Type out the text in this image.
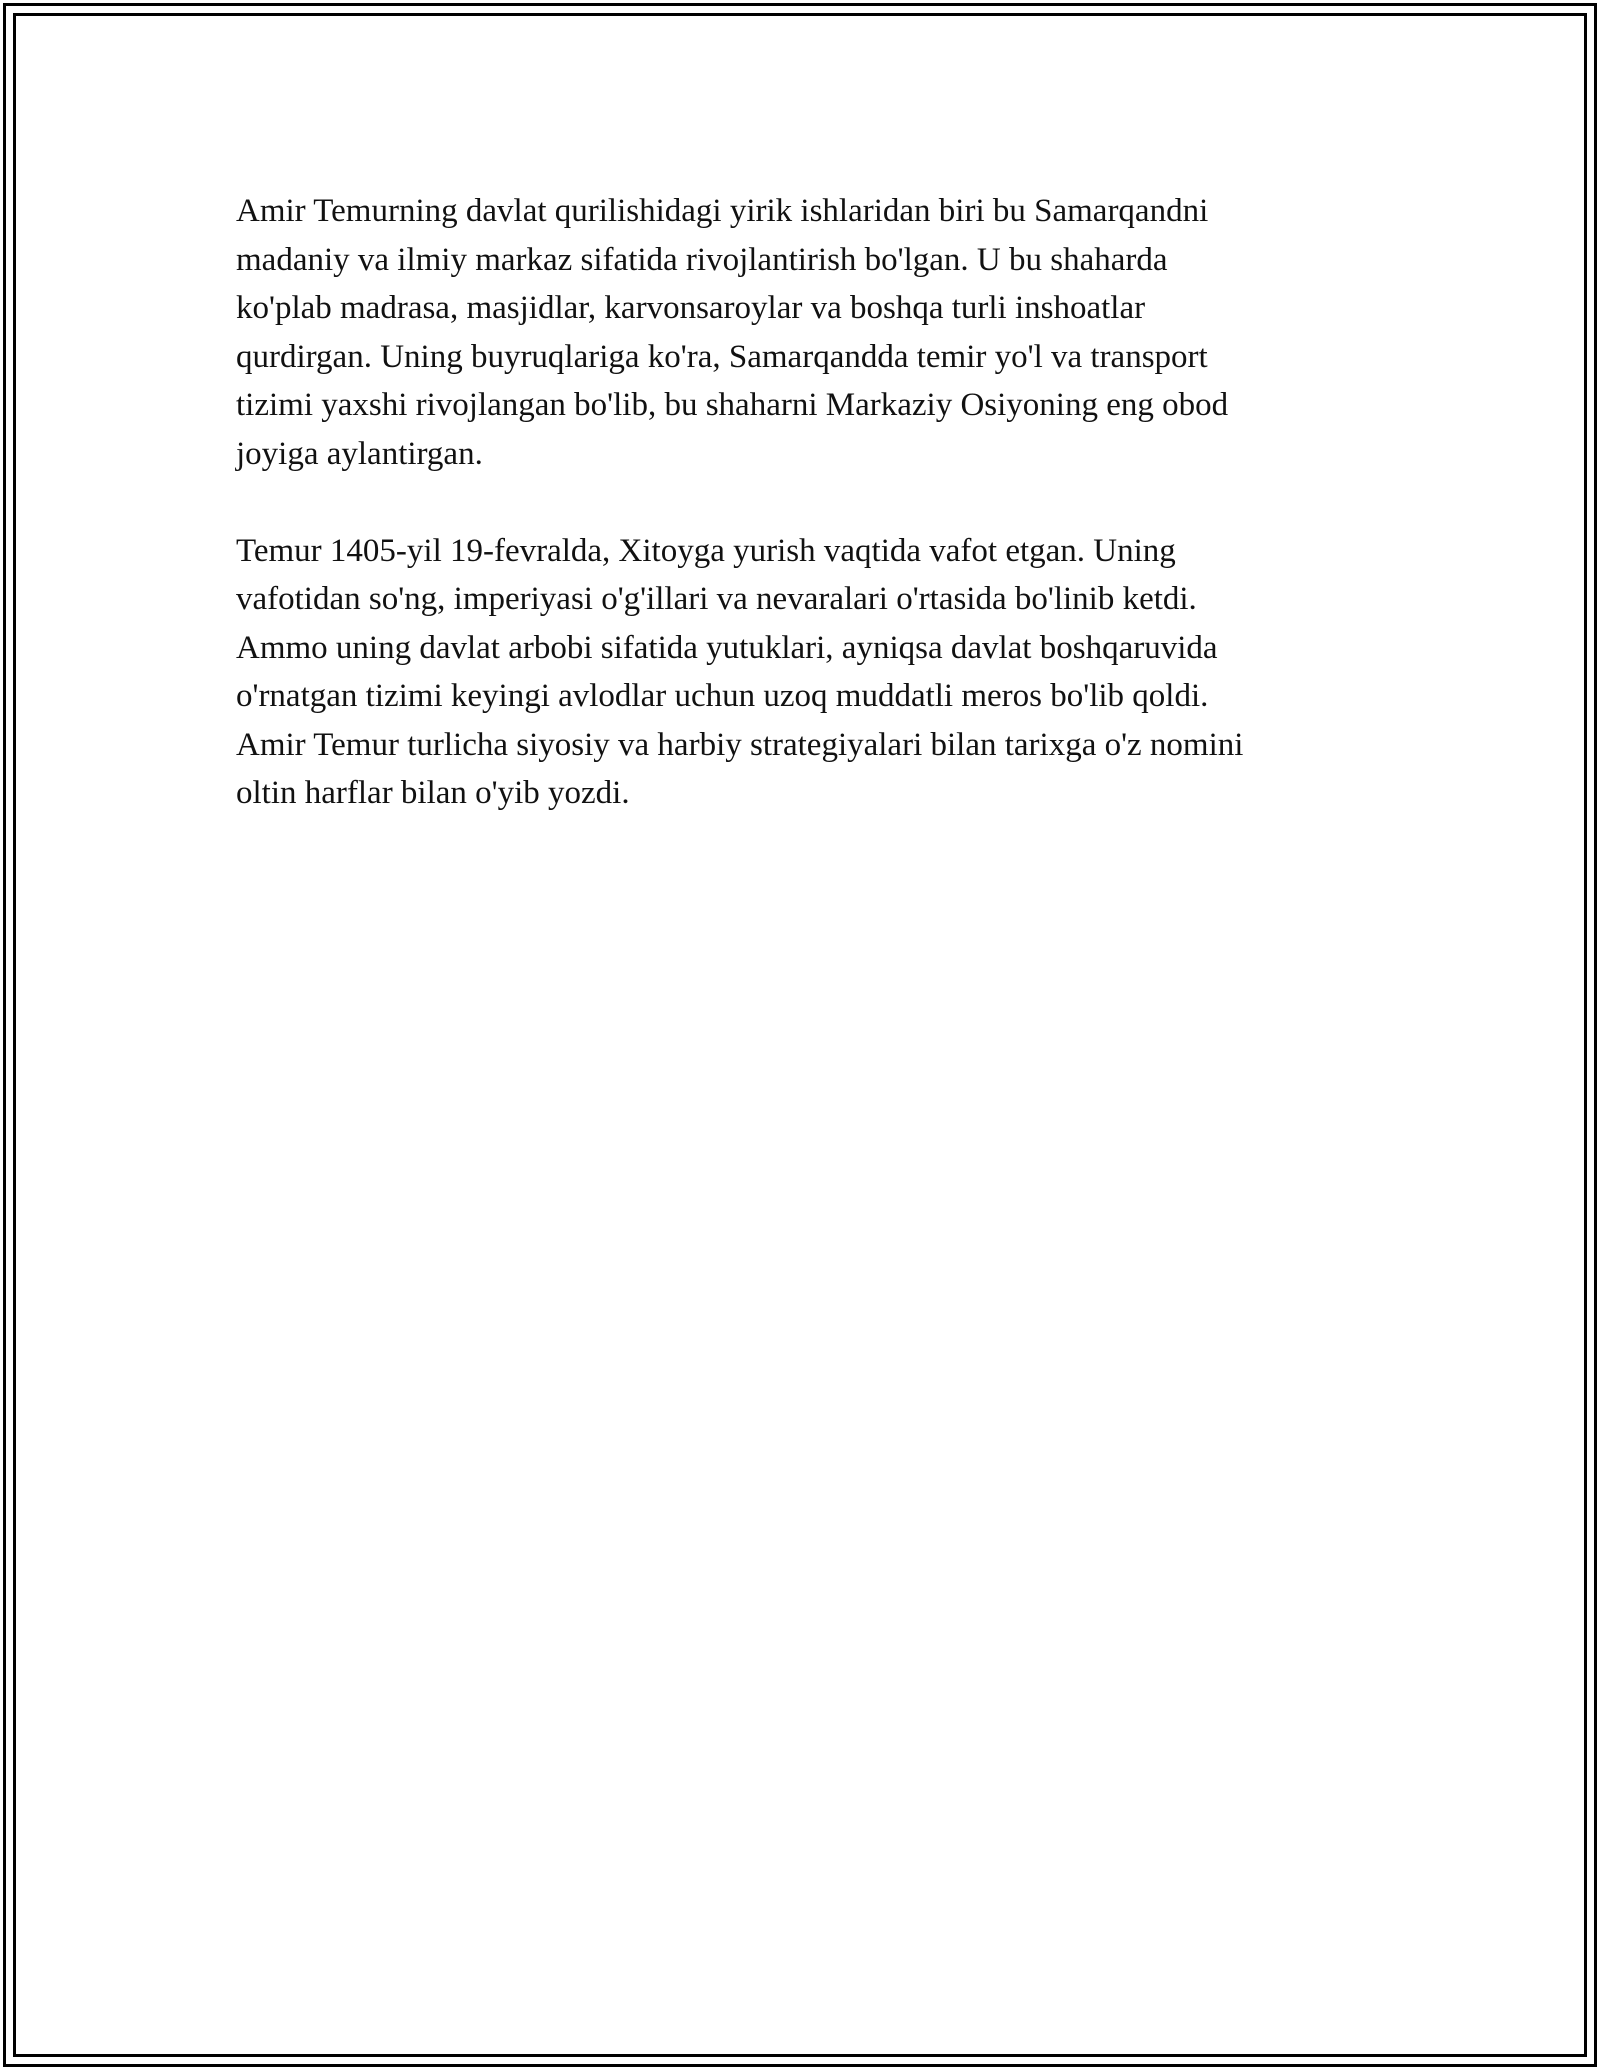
Amir Temurning davlat qurilishidagi yirik ishlaridan biri bu Samarqandni
madaniy va ilmiy markaz sifatida rivojlantirish bo'lgan. U bu shaharda
ko'plab madrasa, masjidlar, karvonsaroylar va boshqa turli inshoatlar
qurdirgan. Uning buyruqlariga ko'ra, Samarqandda temir yo'l va transport
tizimi yaxshi rivojlangan bo'lib, bu shaharni Markaziy Osiyoning eng obod
joyiga aylantirgan.

Temur 1405-yil 19-fevralda, Xitoyga yurish vaqtida vafot etgan. Uning
vafotidan so'ng, imperiyasi o'g'illari va nevaralari o'rtasida bo'linib ketdi.
Ammo uning davlat arbobi sifatida yutuklari, ayniqsa davlat boshqaruvida
o'rnatgan tizimi keyingi avlodlar uchun uzoq muddatli meros bo'lib qoldi.
Amir Temur turlicha siyosiy va harbiy strategiyalari bilan tarixga o'z nomini
oltin harflar bilan o'yib yozdi.
